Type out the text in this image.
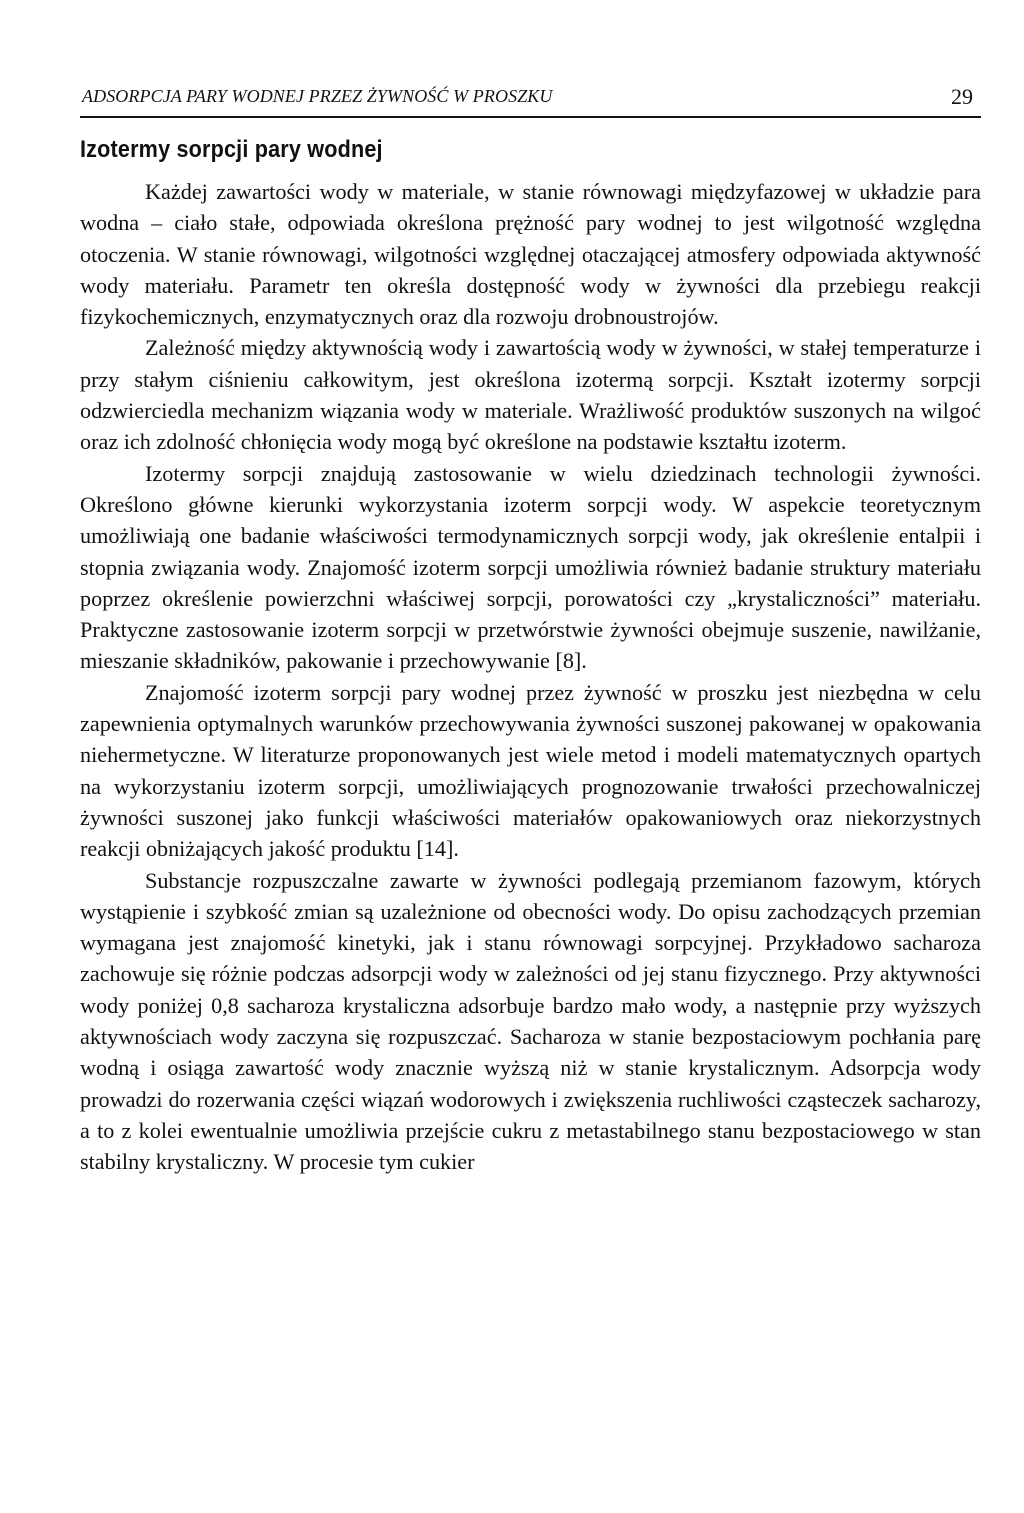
ADSORPCJA PARY WODNEJ PRZEZ ŻYWNOŚĆ W PROSZKU	29
Izotermy sorpcji pary wodnej

Każdej zawartości wody w materiale, w stanie równowagi międzyfazowej w układzie para wodna – ciało stałe, odpowiada określona prężność pary wodnej to jest wilgotność względna otoczenia. W stanie równowagi, wilgotności względnej otaczającej atmosfery odpowiada aktywność wody materiału. Parametr ten określa dostępność wody w żywności dla przebiegu reakcji fizykochemicznych, enzymatycznych oraz dla rozwoju drobnoustrojów.

Zależność między aktywnością wody i zawartością wody w żywności, w stałej temperaturze i przy stałym ciśnieniu całkowitym, jest określona izotermą sorpcji. Kształt izotermy sorpcji odzwierciedla mechanizm wiązania wody w materiale. Wrażliwość produktów suszonych na wilgoć oraz ich zdolność chłonięcia wody mogą być określone na podstawie kształtu izoterm.

Izotermy sorpcji znajdują zastosowanie w wielu dziedzinach technologii żywności. Określono główne kierunki wykorzystania izoterm sorpcji wody. W aspekcie teoretycznym umożliwiają one badanie właściwości termodynamicznych sorpcji wody, jak określenie entalpii i stopnia związania wody. Znajomość izoterm sorpcji umożliwia również badanie struktury materiału poprzez określenie powierzchni właściwej sorpcji, porowatości czy „krystaliczności” materiału. Praktyczne zastosowanie izoterm sorpcji w przetwórstwie żywności obejmuje suszenie, nawilżanie, mieszanie składników, pakowanie i przechowywanie [8].

Znajomość izoterm sorpcji pary wodnej przez żywność w proszku jest niezbędna w celu zapewnienia optymalnych warunków przechowywania żywności suszonej pakowanej w opakowania niehermetyczne. W literaturze proponowanych jest wiele metod i modeli matematycznych opartych na wykorzystaniu izoterm sorpcji, umożliwiających prognozowanie trwałości przechowalniczej żywności suszonej jako funkcji właściwości materiałów opakowaniowych oraz niekorzystnych reakcji obniżających jakość produktu [14].

Substancje rozpuszczalne zawarte w żywności podlegają przemianom fazowym, których wystąpienie i szybkość zmian są uzależnione od obecności wody. Do opisu zachodzących przemian wymagana jest znajomość kinetyki, jak i stanu równowagi sorpcyjnej. Przykładowo sacharoza zachowuje się różnie podczas adsorpcji wody w zależności od jej stanu fizycznego. Przy aktywności wody poniżej 0,8 sacharoza krystaliczna adsorbuje bardzo mało wody, a następnie przy wyższych aktywnościach wody zaczyna się rozpuszczać. Sacharoza w stanie bezpostaciowym pochłania parę wodną i osiąga zawartość wody znacznie wyższą niż w stanie krystalicznym. Adsorpcja wody prowadzi do rozerwania części wiązań wodorowych i zwiększenia ruchliwości cząsteczek sacharozy, a to z kolei ewentualnie umożliwia przejście cukru z metastabilnego stanu bezpostaciowego w stan stabilny krystaliczny. W procesie tym cukier
